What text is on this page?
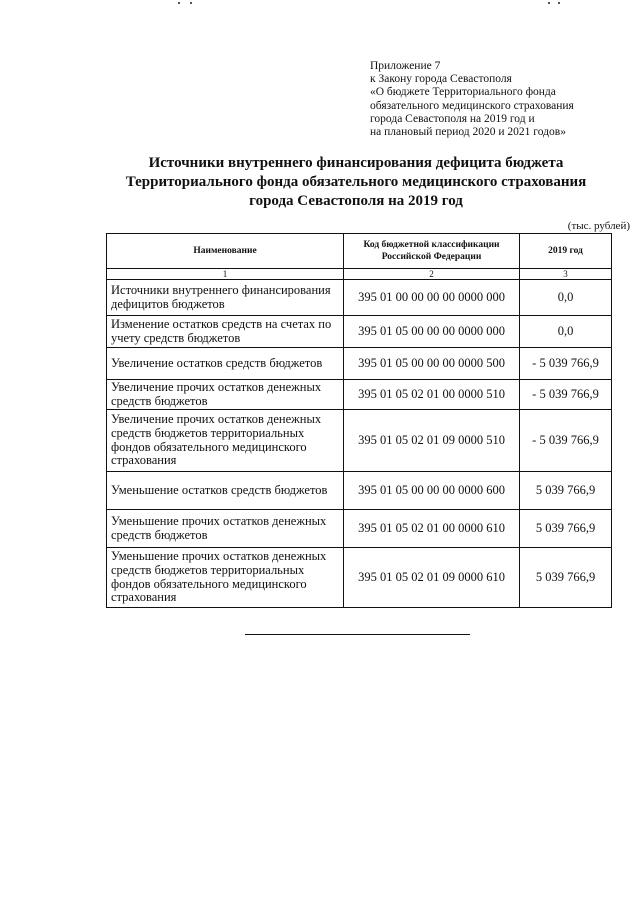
Приложение 7
к Закону города Севастополя
«О бюджете Территориального фонда
обязательного медицинского страхования
города Севастополя на 2019 год и
на плановый период 2020 и 2021 годов»
Источники внутреннего финансирования дефицита бюджета
Территориального фонда обязательного медицинского страхования
города Севастополя на 2019 год
(тыс. рублей)
Наименование	Код бюджетной классификации Российской Федерации	2019 год
1	2	3
Источники внутреннего финансирования дефицитов бюджетов	395 01 00 00 00 00 0000 000	0,0
Изменение остатков средств на счетах по учету средств бюджетов	395 01 05 00 00 00 0000 000	0,0
Увеличение остатков средств бюджетов	395 01 05 00 00 00 0000 500	- 5 039 766,9
Увеличение прочих остатков денежных средств бюджетов	395 01 05 02 01 00 0000 510	- 5 039 766,9
Увеличение прочих остатков денежных средств бюджетов территориальных фондов обязательного медицинского страхования	395 01 05 02 01 09 0000 510	- 5 039 766,9
Уменьшение остатков средств бюджетов	395 01 05 00 00 00 0000 600	5 039 766,9
Уменьшение прочих остатков денежных средств бюджетов	395 01 05 02 01 00 0000 610	5 039 766,9
Уменьшение прочих остатков денежных средств бюджетов территориальных фондов обязательного медицинского страхования	395 01 05 02 01 09 0000 610	5 039 766,9
